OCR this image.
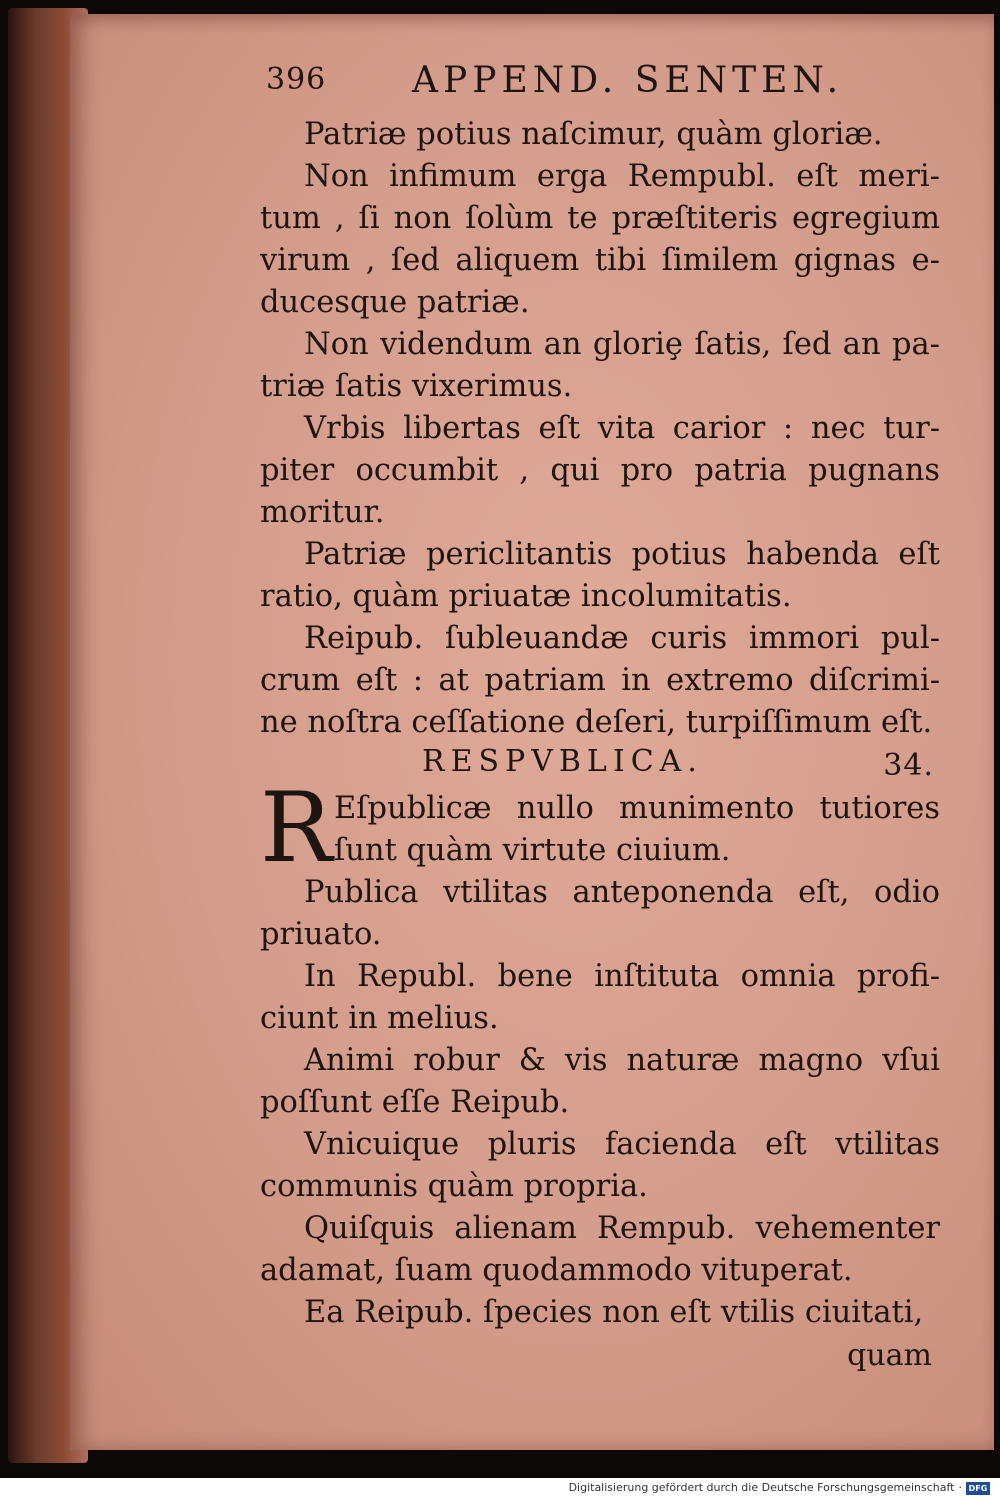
396 APPEND. SENTEN.
Patriæ potius naſcimur, quàm gloriæ.
Non infimum erga Rempubl. eſt meri-
tum , ſi non ſolùm te præſtiteris egregium
virum , ſed aliquem tibi ſimilem gignas e-
ducesque patriæ.
Non videndum an gloriȩ ſatis, ſed an pa-
triæ ſatis vixerimus.
Vrbis libertas eſt vita carior : nec tur-
piter occumbit , qui pro patria pugnans
moritur.
Patriæ periclitantis potius habenda eſt
ratio, quàm priuatæ incolumitatis.
Reipub. ſubleuandæ curis immori pul-
crum eſt : at patriam in extremo diſcrimi-
ne noſtra ceſſatione deſeri, turpiſſimum eſt.
RESPVBLICA.	34.
R Eſpublicæ nullo munimento tutiores
ſunt quàm virtute ciuium.
Publica vtilitas anteponenda eſt, odio
priuato.
In Republ. bene inſtituta omnia profi-
ciunt in melius.
Animi robur & vis naturæ magno vſui
poſſunt eſſe Reipub.
Vnicuique pluris facienda eſt vtilitas
communis quàm propria.
Quiſquis alienam Rempub. vehementer
adamat, ſuam quodammodo vituperat.
Ea Reipub. ſpecies non eſt vtilis ciuitati,
quam
Digitalisierung gefördert durch die Deutsche Forschungsgemeinschaft · DFG
